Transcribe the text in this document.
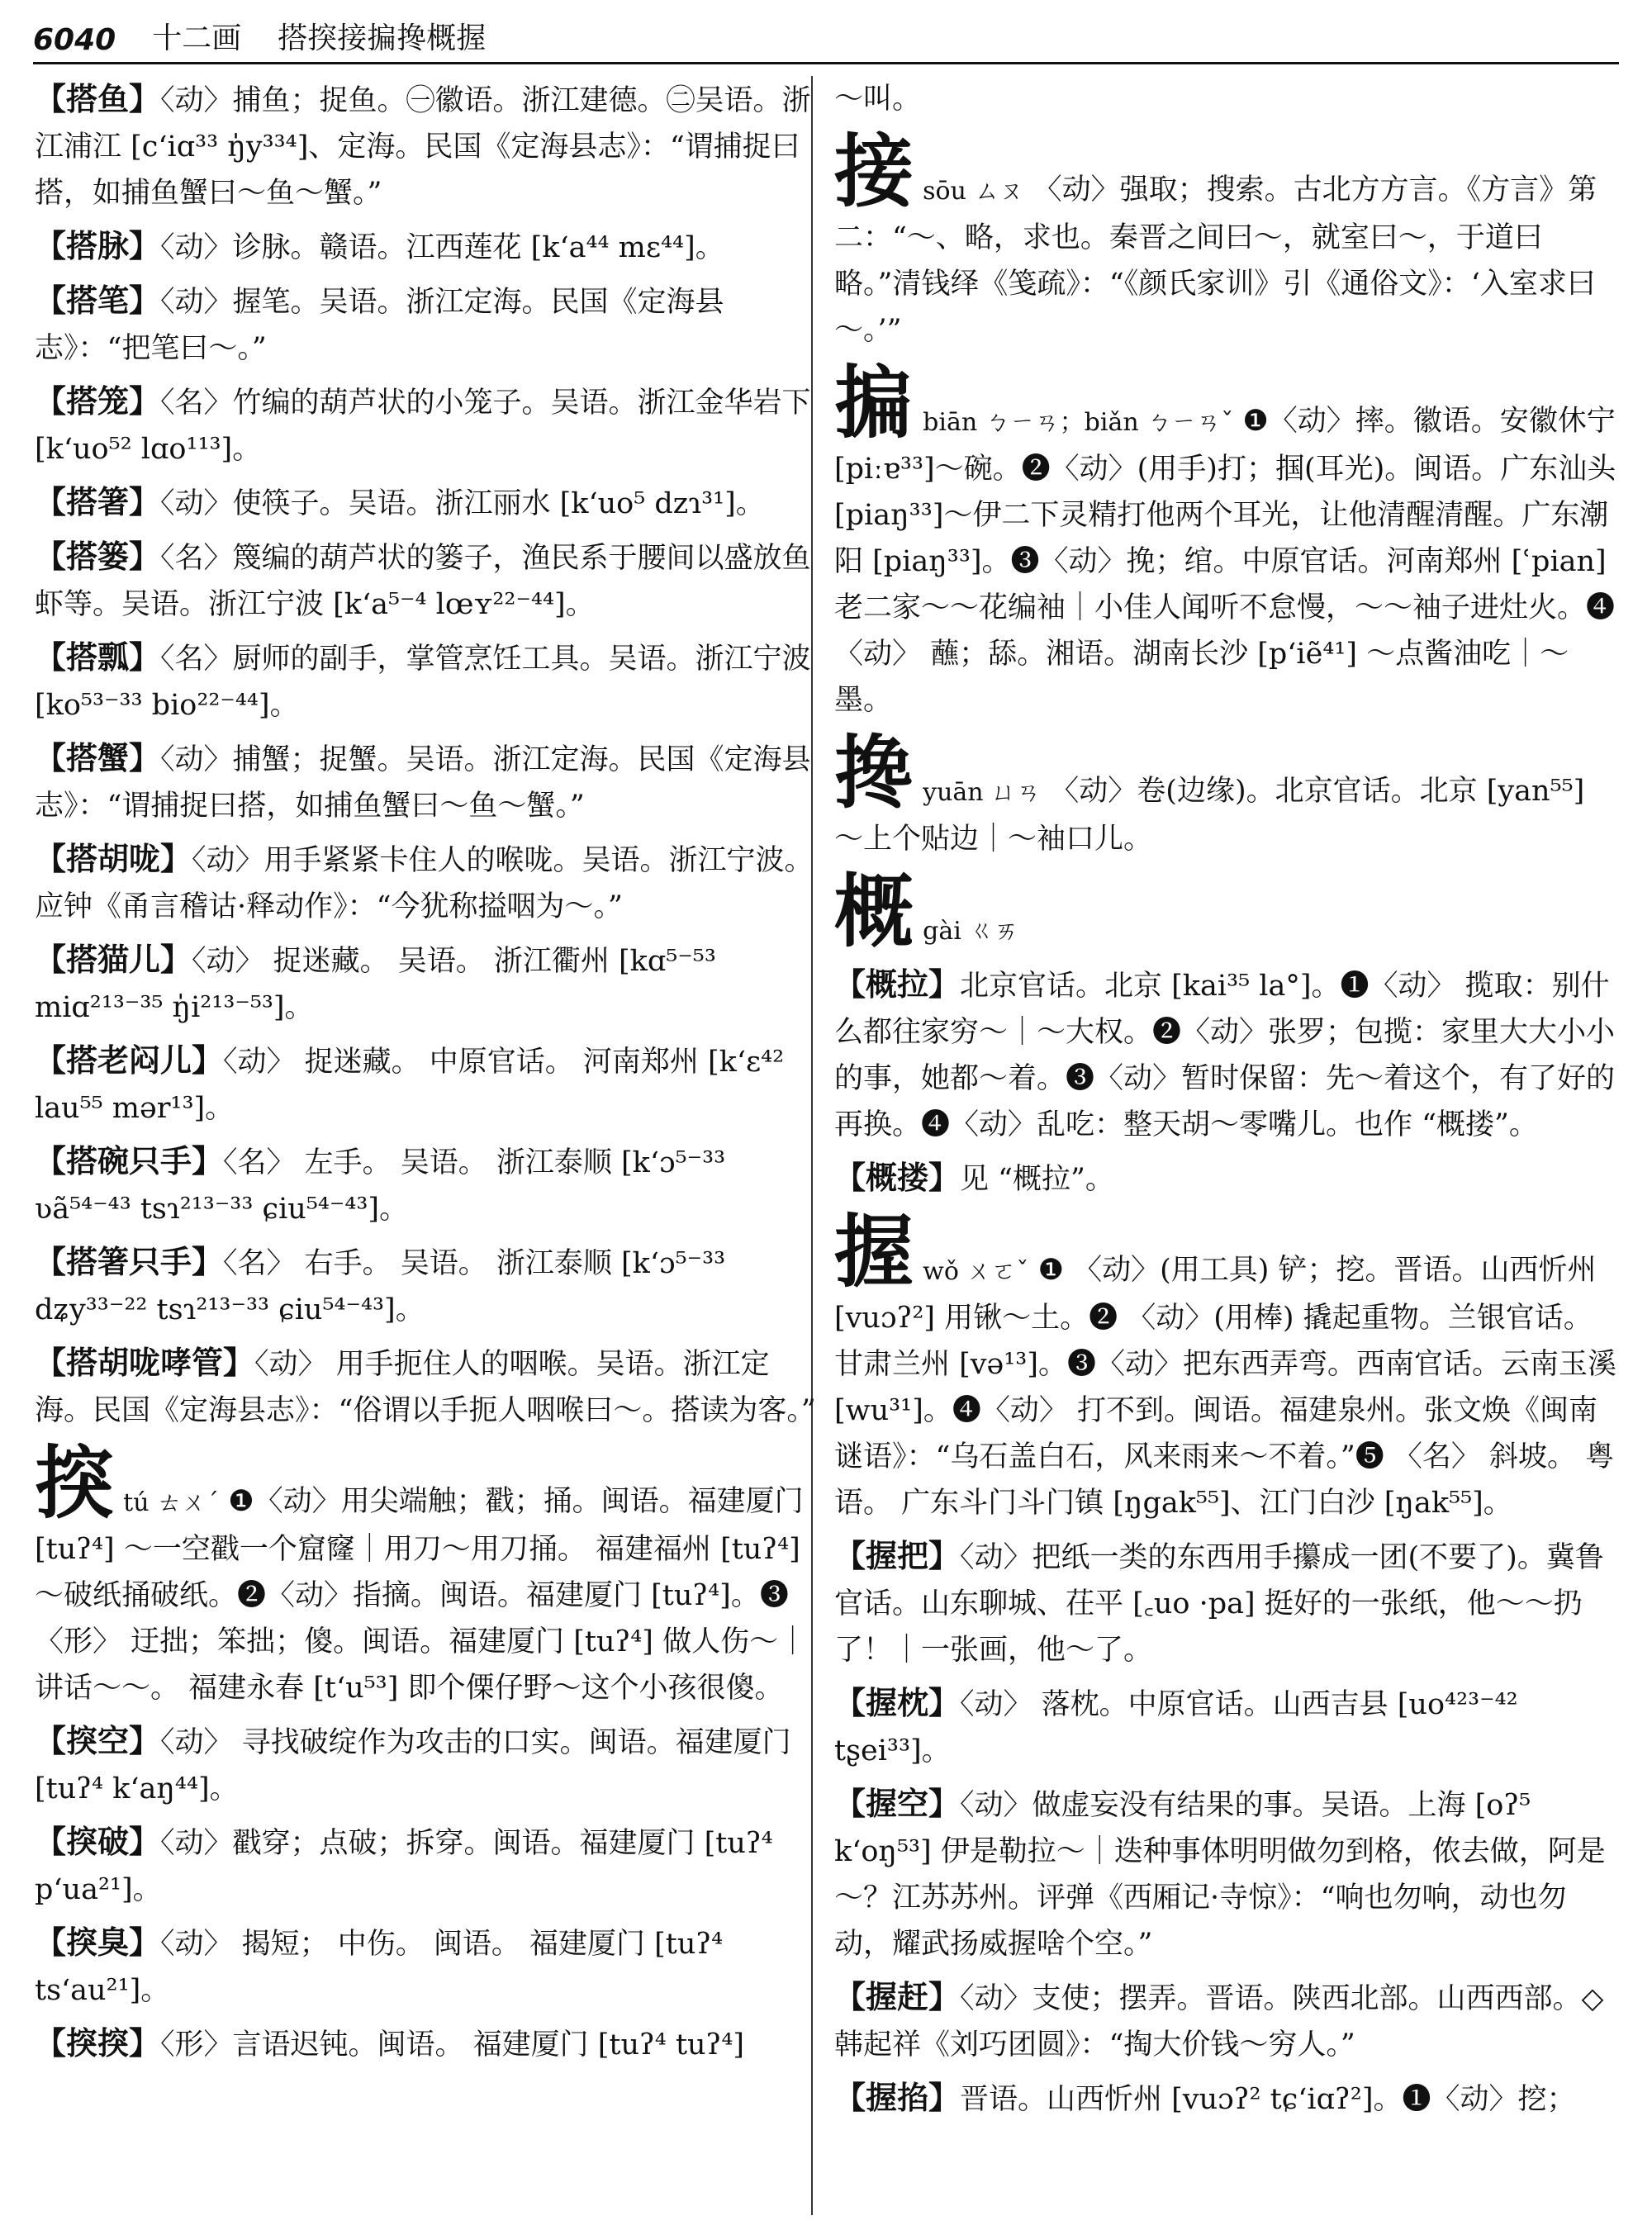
6040 十二画 搭揬接揙搀概握
【搭鱼】〈动〉捕鱼；捉鱼。㊀徽语。浙江建德。㊁吴语。浙江浦江 [cʻiɑ³³ ŋ̍y³³⁴]、定海。民国《定海县志》：“谓捕捉曰搭，如捕鱼蟹曰～鱼～蟹。”
【搭脉】〈动〉诊脉。赣语。江西莲花 [kʻa⁴⁴ mɛ⁴⁴]。
【搭笔】〈动〉握笔。吴语。浙江定海。民国《定海县志》：“把笔曰～。”
【搭笼】〈名〉竹编的葫芦状的小笼子。吴语。浙江金华岩下 [kʻuo⁵² lɑo¹¹³]。
【搭箸】〈动〉使筷子。吴语。浙江丽水 [kʻuo⁵ dzɿ³¹]。
【搭篓】〈名〉篾编的葫芦状的篓子，渔民系于腰间以盛放鱼虾等。吴语。浙江宁波 [kʻa⁵⁻⁴ lœʏ²²⁻⁴⁴]。
【搭瓢】〈名〉厨师的副手，掌管烹饪工具。吴语。浙江宁波 [ko⁵³⁻³³ bio²²⁻⁴⁴]。
【搭蟹】〈动〉捕蟹；捉蟹。吴语。浙江定海。民国《定海县志》：“谓捕捉曰搭，如捕鱼蟹曰～鱼～蟹。”
【搭胡咙】〈动〉用手紧紧卡住人的喉咙。吴语。浙江宁波。应钟《甬言稽诂·释动作》：“今犹称搤咽为～。”
【搭猫儿】〈动〉 捉迷藏。 吴语。 浙江衢州 [kɑ⁵⁻⁵³ miɑ²¹³⁻³⁵ ŋ̍i²¹³⁻⁵³]。
【搭老闷儿】〈动〉 捉迷藏。 中原官话。 河南郑州 [kʻɛ⁴² lau⁵⁵ mər¹³]。
【搭碗只手】〈名〉 左手。 吴语。 浙江泰顺 [kʻɔ⁵⁻³³ ʋã⁵⁴⁻⁴³ tsɿ²¹³⁻³³ ɕiu⁵⁴⁻⁴³]。
【搭箸只手】〈名〉 右手。 吴语。 浙江泰顺 [kʻɔ⁵⁻³³ dʑy³³⁻²² tsɿ²¹³⁻³³ ɕiu⁵⁴⁻⁴³]。
【搭胡咙哮管】〈动〉 用手扼住人的咽喉。吴语。浙江定海。民国《定海县志》：“俗谓以手扼人咽喉曰～。搭读为客。”
揬 tú ㄊㄨˊ ❶〈动〉用尖端触；戳；捅。闽语。福建厦门 [tuʔ⁴] ～一空戳一个窟窿｜用刀～用刀捅。 福建福州 [tuʔ⁴] ～破纸捅破纸。❷〈动〉指摘。闽语。福建厦门 [tuʔ⁴]。❸ 〈形〉 迂拙；笨拙；傻。闽语。福建厦门 [tuʔ⁴] 做人伤～｜讲话～～。 福建永春 [tʻu⁵³] 即个傈仔野～这个小孩很傻。
【揬空】〈动〉 寻找破绽作为攻击的口实。闽语。福建厦门 [tuʔ⁴ kʻaŋ⁴⁴]。
【揬破】〈动〉戳穿；点破；拆穿。闽语。福建厦门 [tuʔ⁴ pʻua²¹]。
【揬臭】〈动〉 揭短； 中伤。 闽语。 福建厦门 [tuʔ⁴ tsʻau²¹]。
【揬揬】〈形〉言语迟钝。闽语。 福建厦门 [tuʔ⁴ tuʔ⁴]
～叫。
接 sōu ㄙㄡ 〈动〉强取；搜索。古北方方言。《方言》第二：“～、略，求也。秦晋之间曰～，就室曰～，于道曰略。”清钱绎《笺疏》：“《颜氏家训》引《通俗文》：‘入室求曰～。’”
揙 biān ㄅㄧㄢ；biǎn ㄅㄧㄢˇ ❶〈动〉摔。徽语。安徽休宁 [piːɐ³³]～碗。❷〈动〉(用手)打；掴(耳光)。闽语。广东汕头 [piaŋ³³]～伊二下灵精打他两个耳光，让他清醒清醒。广东潮阳 [piaŋ³³]。❸〈动〉挽；绾。中原官话。河南郑州 [ʿpian] 老二家～～花编袖｜小佳人闻听不怠慢，～～袖子进灶火。❹ 〈动〉 蘸；舔。湘语。湖南长沙 [pʻiẽ⁴¹] ～点酱油吃｜～墨。
搀 yuān ㄩㄢ 〈动〉卷(边缘)。北京官话。北京 [yan⁵⁵] ～上个贴边｜～袖口儿。
概 gài ㄍㄞ
【概拉】北京官话。北京 [kai³⁵ la°]。❶〈动〉 揽取：别什么都往家穷～｜～大权。❷〈动〉张罗；包揽：家里大大小小的事，她都～着。❸〈动〉暂时保留：先～着这个，有了好的再换。❹〈动〉乱吃：整天胡～零嘴儿。也作 “概搂”。
【概搂】见 “概拉”。
握 wǒ ㄨㄛˇ ❶ 〈动〉(用工具) 铲；挖。晋语。山西忻州 [vuɔʔ²] 用锹～土。❷ 〈动〉(用棒) 撬起重物。兰银官话。甘肃兰州 [və¹³]。❸〈动〉把东西弄弯。西南官话。云南玉溪 [wu³¹]。❹〈动〉 打不到。闽语。福建泉州。张文焕《闽南谜语》：“乌石盖白石，风来雨来～不着。”❺ 〈名〉 斜坡。 粤语。 广东斗门斗门镇 [ŋgak⁵⁵]、江门白沙 [ŋak⁵⁵]。
【握把】〈动〉把纸一类的东西用手攥成一团(不要了)。冀鲁官话。山东聊城、茌平 [꜀uo ·pa] 挺好的一张纸，他～～扔了！｜一张画，他～了。
【握枕】〈动〉 落枕。中原官话。山西吉县 [uo⁴²³⁻⁴² tʂei³³]。
【握空】〈动〉做虚妄没有结果的事。吴语。上海 [oʔ⁵ kʻoŋ⁵³] 伊是勒拉～｜迭种事体明明做勿到格，侬去做，阿是～？江苏苏州。评弹《西厢记·寺惊》：“响也勿响，动也勿动，耀武扬威握啥个空。”
【握赶】〈动〉支使；摆弄。晋语。陕西北部。山西西部。◇韩起祥《刘巧团圆》：“掏大价钱～穷人。”
【握掐】晋语。山西忻州 [vuɔʔ² tɕʻiɑʔ²]。❶〈动〉挖；
